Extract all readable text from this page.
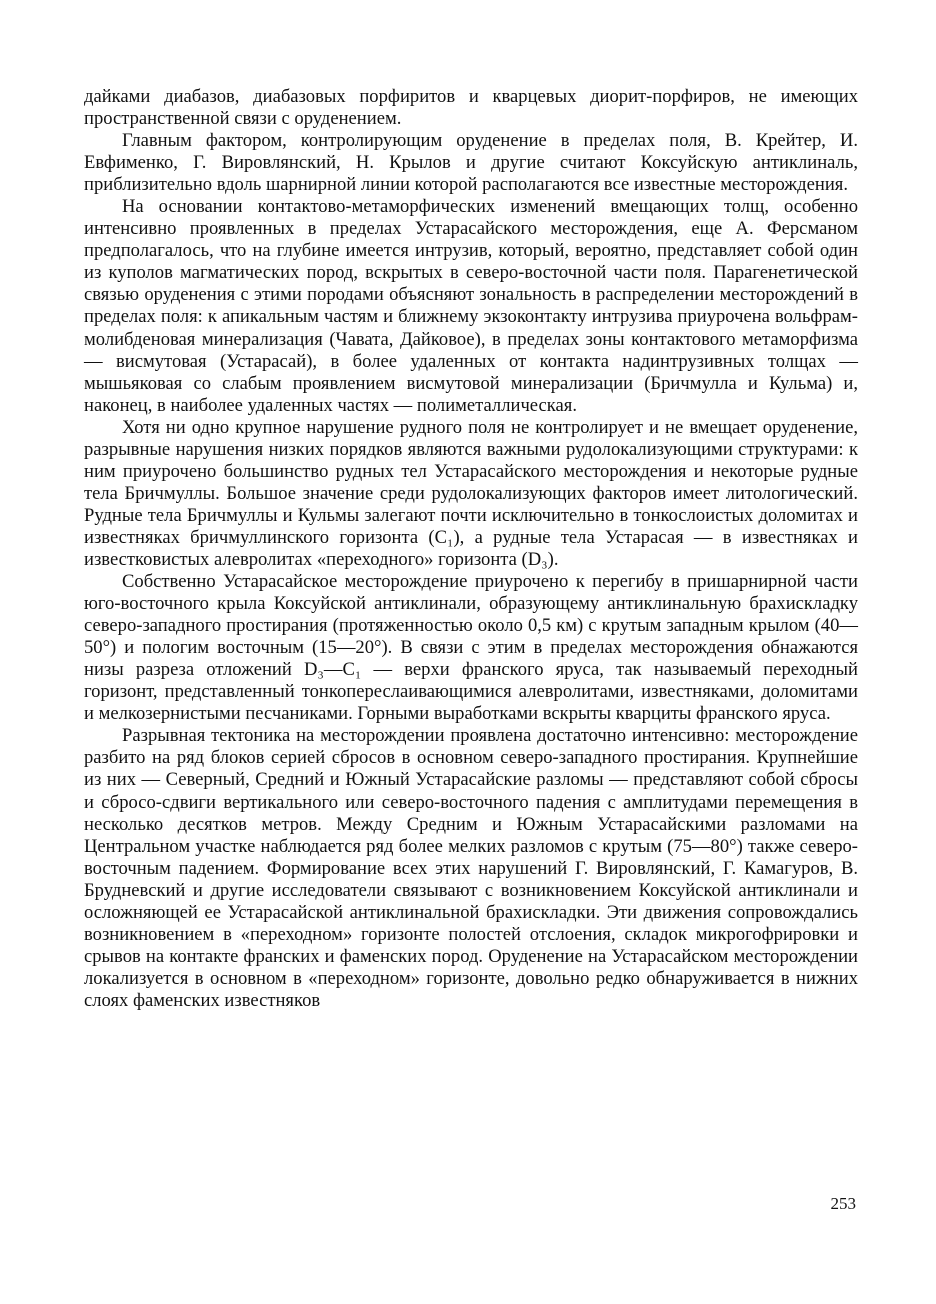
дайками диабазов, диабазовых порфиритов и кварцевых диорит-порфиров, не имеющих пространственной связи с оруденением.

Главным фактором, контролирующим оруденение в пределах поля, В. Крейтер, И. Евфименко, Г. Вировлянский, Н. Крылов и другие считают Коксуйскую антиклиналь, приблизительно вдоль шарнирной линии которой располагаются все известные месторождения.

На основании контактово-метаморфических изменений вмещающих толщ, особенно интенсивно проявленных в пределах Устарасайского месторождения, еще А. Ферсманом предполагалось, что на глубине имеется интрузив, который, вероятно, представляет собой один из куполов магматических пород, вскрытых в северо-восточной части поля. Парагенетической связью оруденения с этими породами объясняют зональность в распределении месторождений в пределах поля: к апикальным частям и ближнему экзоконтакту интрузива приурочена вольфрам-молибденовая минерализация (Чавата, Дайковое), в пределах зоны контактового метаморфизма — висмутовая (Устарасай), в более удаленных от контакта надинтрузивных толщах — мышьяковая со слабым проявлением висмутовой минерализации (Бричмулла и Кульма) и, наконец, в наиболее удаленных частях — полиметаллическая.

Хотя ни одно крупное нарушение рудного поля не контролирует и не вмещает оруденение, разрывные нарушения низких порядков являются важными рудолокализующими структурами: к ним приурочено большинство рудных тел Устарасайского месторождения и некоторые рудные тела Бричмуллы. Большое значение среди рудолокализующих факторов имеет литологический. Рудные тела Бричмуллы и Кульмы залегают почти исключительно в тонкослоистых доломитах и известняках бричмуллинского горизонта (C₁), а рудные тела Устарасая — в известняках и известковистых алевролитах «переходного» горизонта (D₃).

Собственно Устарасайское месторождение приурочено к перегибу в пришарнирной части юго-восточного крыла Коксуйской антиклинали, образующему антиклинальную брахискладку северо-западного простирания (протяженностью около 0,5 км) с крутым западным крылом (40—50°) и пологим восточным (15—20°). В связи с этим в пределах месторождения обнажаются низы разреза отложений D₃—C₁ — верхи франского яруса, так называемый переходный горизонт, представленный тонкопереслаивающимися алевролитами, известняками, доломитами и мелкозернистыми песчаниками. Горными выработками вскрыты кварциты франского яруса.

Разрывная тектоника на месторождении проявлена достаточно интенсивно: месторождение разбито на ряд блоков серией сбросов в основном северо-западного простирания. Крупнейшие из них — Северный, Средний и Южный Устарасайские разломы — представляют собой сбросы и сбросо-сдвиги вертикального или северо-восточного падения с амплитудами перемещения в несколько десятков метров. Между Средним и Южным Устарасайскими разломами на Центральном участке наблюдается ряд более мелких разломов с крутым (75—80°) также северо-восточным падением. Формирование всех этих нарушений Г. Вировлянский, Г. Камагуров, В. Брудневский и другие исследователи связывают с возникновением Коксуйской антиклинали и осложняющей ее Устарасайской антиклинальной брахискладки. Эти движения сопровождались возникновением в «переходном» горизонте полостей отслоения, складок микрогофрировки и срывов на контакте франских и фаменских пород. Оруденение на Устарасайском месторождении локализуется в основном в «переходном» горизонте, довольно редко обнаруживается в нижних слоях фаменских известняков

253
